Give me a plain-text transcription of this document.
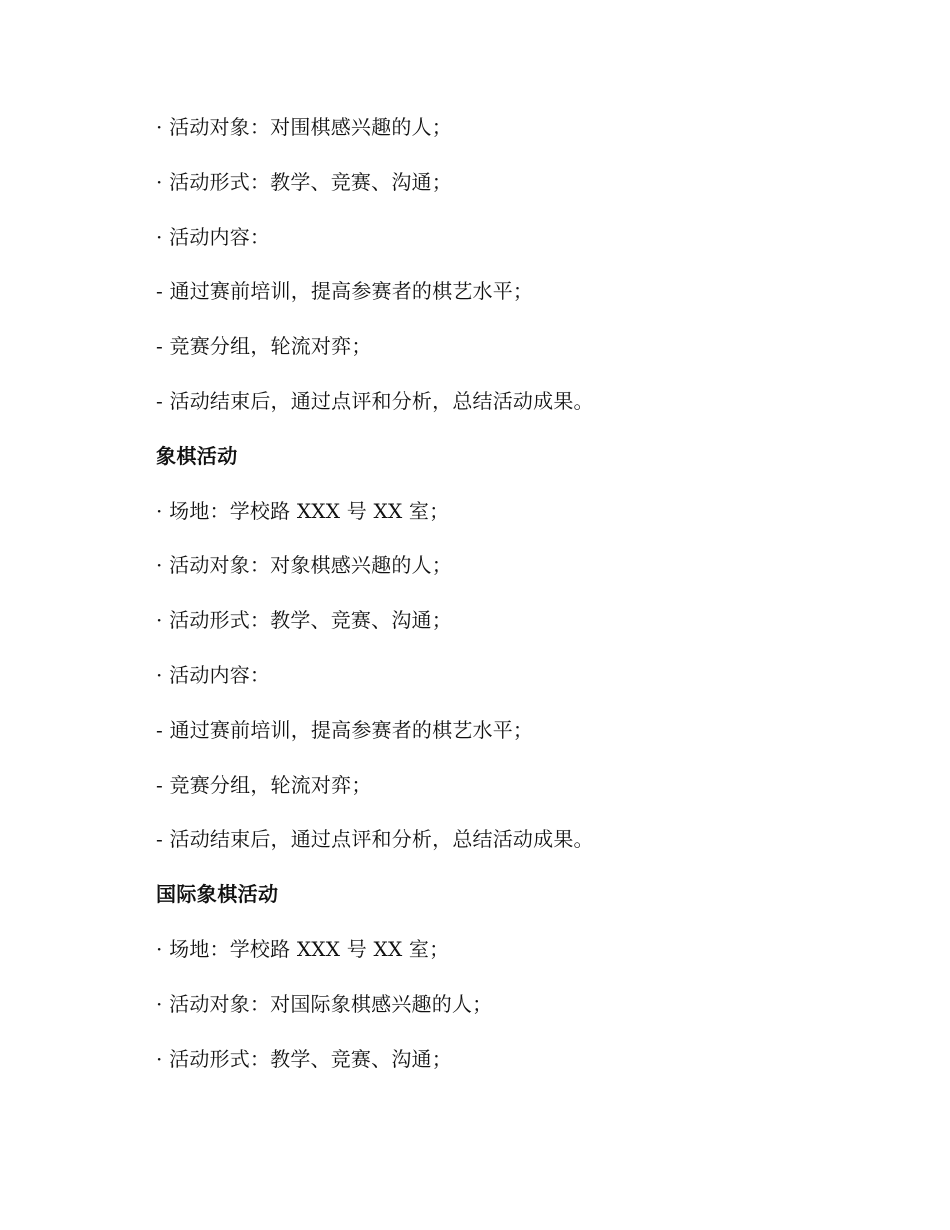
· 活动对象：对围棋感兴趣的人；
· 活动形式：教学、竞赛、沟通；
· 活动内容：
- 通过赛前培训，提高参赛者的棋艺水平；
- 竞赛分组，轮流对弈；
- 活动结束后，通过点评和分析，总结活动成果。
象棋活动
· 场地：学校路 XXX 号 XX 室；
· 活动对象：对象棋感兴趣的人；
· 活动形式：教学、竞赛、沟通；
· 活动内容：
- 通过赛前培训，提高参赛者的棋艺水平；
- 竞赛分组，轮流对弈；
- 活动结束后，通过点评和分析，总结活动成果。
国际象棋活动
· 场地：学校路 XXX 号 XX 室；
· 活动对象：对国际象棋感兴趣的人；
· 活动形式：教学、竞赛、沟通；
